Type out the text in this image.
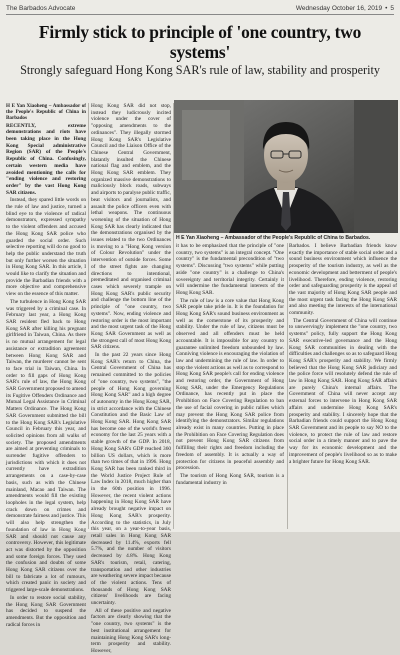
The Barbados Advocate	Wednesday October 16, 2019 • 5
Firmly stick to principle of 'one country, two systems'
Strongly safeguard Hong Kong SAR's rule of law, stability and prosperity

H E Yan Xiaoheng – Ambassador of the People's Republic of China in Barbados

RECENTLY, extreme demonstrations and riots have been taking place in the Hong Kong Special administrative Region (SAR) of the People's Republic of China. Confusingly, certain western media have avoided mentioning the calls for "ending violence and restoring order" by the vast Hong Kong SAR citizens.

Instead, they spared little words on the rule of law and justice, turned a blind eye to the violence of radical demonstrators, expressed sympathy to the violent offenders and accused the Hong Kong SAR police who guarded the social order. Such selective reporting will do no good to help the public understand the truth but only further worsen the situation in Hong Kong SAR. In this article, I would like to clarify the situation and provide the Barbadian friends with a more objective and comprehensive view on the essence of this matter.

The turbulence in Hong Kong SAR was triggered by a criminal case. In February last year, a Hong Kong SAR resident fled back to Hong Kong SAR after killing his pregnant girlfriend in Taiwan, China. As there is no mutual arrangement for legal assistance or extradition agreement between Hong Kong SAR and Taiwan, the murderer cannot be sent to face trial in Taiwan, China. In order to fill gaps of Hong Kong SAR's rule of law, the Hong Kong SAR Government proposed to amend its Fugitive Offenders Ordinance and Mutual Legal Assistance in Criminal Matters Ordinance. The Hong Kong SAR Government submitted the bill to the Hong Kong SAR's Legislative Council in February this year, and solicited opinions from all walks of society. The proposed amendments are aimed at preventing criminals to surrender fugitive offenders to jurisdictions with which it does not currently have extradition arrangements on a case-by-case basis, such as with the Chinese mainland, Macao and Taiwan. The amendments would fill the existing loopholes in the legal system, help crack down on crimes and demonstrate fairness and justice. This will also help strengthen the foundation of law in Hong Kong SAR and should not cause any controversy. However, this legitimate act was distorted by the opposition and some foreign forces. They used the confusion and doubts of some Hong Kong SAR citizens over the bill to fabricate a lot of rumours, which created panic in society and triggered large-scale demonstrations.

In order to restore social stability, the Hong Kong SAR Government has decided to suspend the amendments. But the opposition and radical forces in

Hong Kong SAR did not stop, instead they ludicrously incited violence under the cover of "opposing amendments to the ordinances". They illegally stormed Hong Kong SAR's Legislative Council and the Liaison Office of the Chinese Central Government, blatantly insulted the Chinese national flag and emblem, and the Hong Kong SAR emblem. They organized massive demonstrations to maliciously block roads, subways and airports to paralyse public traffic, beat visitors and journalists, and assault the police officers even with lethal weapons. The continuous worsening of the situation of Hong Kong SAR has clearly indicated that the demonstrations organised by the issues related to the two Ordinances is moving to a "Hong Kong version of Colour Revolution" under the intervention of outside forces. Some of the street fights are changing directions to intentional, premeditated and organised criminal cases which severely trample on Hong Kong SAR's public security and challenge the bottom line of the principle of "one country, two systems". Now, ending violence and restoring order is the most important and the most urgent task of the Hong Kong SAR Government as well as the strongest call of most Hong Kong SAR citizens.

In the past 22 years since Hong Kong SAR's return to China, the Central Government of China has remained committed to the policies of "one country, two systems", "the people of Hong Kong governing Hong Kong SAR" and a high degree of autonomy in the Hong Kong SAR, in strict accordance with the Chinese Constitution and the Basic Law of Hong Kong SAR. Hong Kong SAR has become one of the world's freest economy for the last 25 years with a stable growth of the GDP. In 2018, Hong Kong SAR's GDP reached 360 billion US dollars, which is more than two times of that in 1996. Hong Kong SAR has been ranked third in the World Justice Project Rule of Law Index in 2018, much higher than in the 60th position in 1996. However, the recent violent actions happening in Hong Kong SAR have already brought negative impact on Hong Kong SAR's prosperity. According to the statistics, in July this year, on a year-to-year basis, retail sales in Hong Kong SAR decreased by 11.4%, exports fell 5.7%, and the number of visitors decreased by 4.8%. Hong Kong SAR's tourism, retail, catering, transportation and other industries are weathering severe impact because of the violent actions. Tens of thousands of Hong Kong SAR citizens' livelihoods are facing uncertainty.

All of these positive and negative factors are clearly showing that the "one country, two systems" is the best institutional arrangement for maintaining Hong Kong SAR's long-term prosperity and stability. However,

H E Yan Xiaoheng – Ambassador of the People's Republic of China to Barbados.

it has to be emphasized that the principle of "one country, two systems" is an integral concept. "One country" is the fundamental precondition of "two systems". Discussing "two systems" while putting aside "one country" is a challenge to China's sovereignty and territorial integrity. Certainly it will undermine the fundamental interests of the Hong Kong SAR.

The rule of law is a core value that Hong Kong SAR people take pride in. It is the foundation for Hong Kong SAR's sound business environment as well as the cornerstone of its prosperity and stability. Under the rule of law, citizens must be observed and all offenders must be held accountable. It is impossible for any country to guarantee unlimited freedom unbounded by law. Conniving violence is encouraging the violation of law and undermining the rule of law. In order to stop the violent actions as well as to correspond to Hong Kong SAR people's call for ending violence and restoring order, the Government of Hong Kong SAR, under the Emergency Regulations Ordinance, has recently put in place the Prohibition on Face Covering Regulation to ban the use of facial covering in public rallies which may prevent the Hong Kong SAR police from identifying the demonstrators. Similar regulations already exist in many countries. Putting in place the Prohibition on Face Covering Regulation does not prevent Hong Kong SAR citizens from fulfilling their rights and freedom including the freedom of assembly. It is actually a way of protection for citizens in peaceful assembly and procession.

The tourism of Hong Kong SAR, tourism is a fundamental industry in

Barbados. I believe Barbadian friends know exactly the importance of stable social order and a sound business environment which influence the prosperity of the tourism industry, as well as the economic development and betterment of people's livelihood. Therefore, ending violence, restoring order and safeguarding prosperity is the appeal of the vast majority of Hong Kong SAR people and the most urgent task facing the Hong Kong SAR and also meeting the interests of the international community.

The Central Government of China will continue to unswervingly implement the "one country, two systems" policy, fully support the Hong Kong SAR executive-led governance and the Hong Kong SAR communities in dealing with the difficulties and challenges so as to safeguard Hong Kong SAR's prosperity and stability. We firmly believed that the Hong Kong SAR judiciary and the police force will resolutely defend the rule of law in Hong Kong SAR. Hong Kong SAR affairs are purely China's internal affairs. The Government of China will never accept any external forces to intervene in Hong Kong SAR affairs and undermine Hong Kong SAR's prosperity and stability. I sincerely hope that the Barbadian friends could support the Hong Kong SAR Government and its people to say NO to the violence, to protect the rule of law and restore social order in a timely manner and to pave the way for its economic development and the improvement of people's livelihood so as to make a brighter future for Hong Kong SAR.
